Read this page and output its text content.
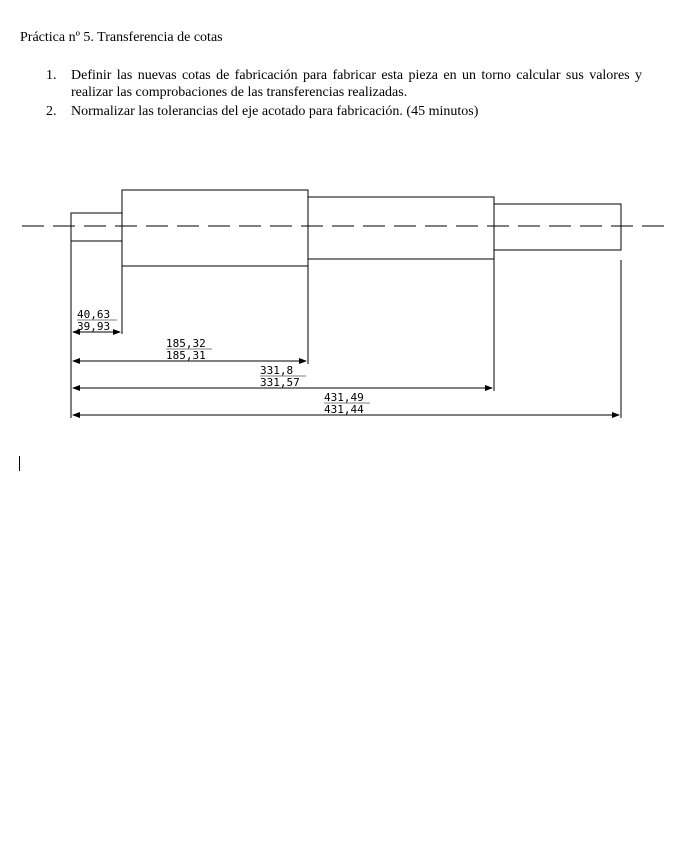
Práctica nº 5. Transferencia de cotas
1. Definir las nuevas cotas de fabricación para fabricar esta pieza en un torno calcular sus valores y realizar las comprobaciones de las transferencias realizadas.
2. Normalizar las tolerancias del eje acotado para fabricación. (45 minutos)
40,63
39,93
185,32
185,31
331,8
331,57
431,49
431,44
